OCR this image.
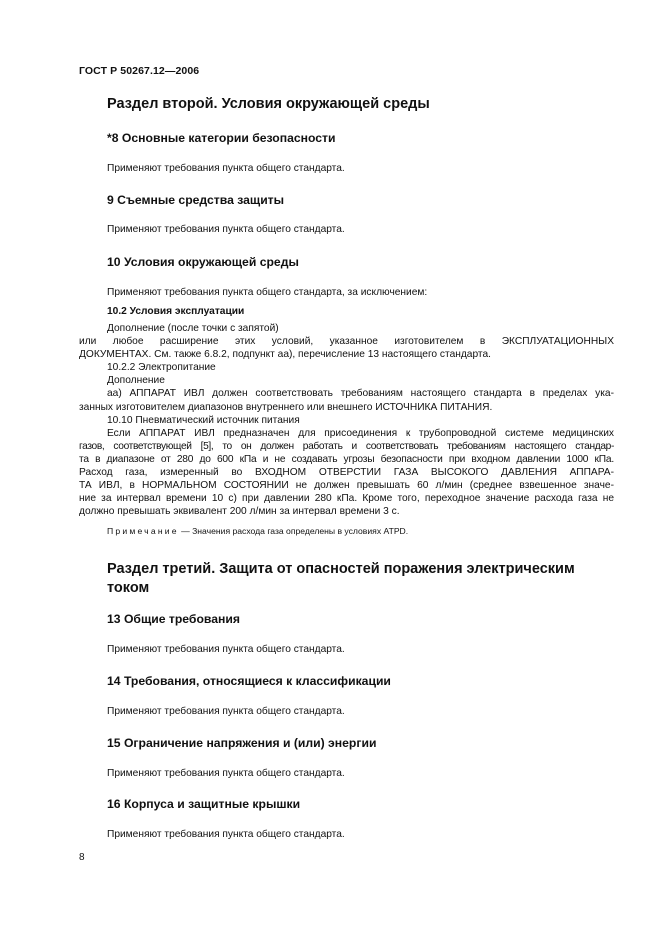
ГОСТ Р 50267.12—2006
Раздел второй. Условия окружающей среды
*8 Основные категории безопасности
Применяют требования пункта общего стандарта.
9 Съемные средства защиты
Применяют требования пункта общего стандарта.
10 Условия окружающей среды
Применяют требования пункта общего стандарта, за исключением:
10.2 Условия эксплуатации
Дополнение (после точки с запятой)
или любое расширение этих условий, указанное изготовителем в ЭКСПЛУАТАЦИОННЫХ
ДОКУМЕНТАХ. См. также 6.8.2, подпункт аа), перечисление 13 настоящего стандарта.
10.2.2 Электропитание
Дополнение
аа) АППАРАТ ИВЛ должен соответствовать требованиям настоящего стандарта в пределах ука-
занных изготовителем диапазонов внутреннего или внешнего ИСТОЧНИКА ПИТАНИЯ.
10.10 Пневматический источник питания
Если АППАРАТ ИВЛ предназначен для присоединения к трубопроводной системе медицинских
газов, соответствующей [5], то он должен работать и соответствовать требованиям настоящего стандар-
та в диапазоне от 280 до 600 кПа и не создавать угрозы безопасности при входном давлении 1000 кПа.
Расход газа, измеренный во ВХОДНОМ ОТВЕРСТИИ ГАЗА ВЫСОКОГО ДАВЛЕНИЯ АППАРА-
ТА ИВЛ, в НОРМАЛЬНОМ СОСТОЯНИИ не должен превышать 60 л/мин (среднее взвешенное значе-
ние за интервал времени 10 с) при давлении 280 кПа. Кроме того, переходное значение расхода газа не
должно превышать эквивалент 200 л/мин за интервал времени 3 с.
Примечание — Значения расхода газа определены в условиях АТPD.
Раздел третий. Защита от опасностей поражения электрическим током
13 Общие требования
Применяют требования пункта общего стандарта.
14 Требования, относящиеся к классификации
Применяют требования пункта общего стандарта.
15 Ограничение напряжения и (или) энергии
Применяют требования пункта общего стандарта.
16 Корпуса и защитные крышки
Применяют требования пункта общего стандарта.
8
